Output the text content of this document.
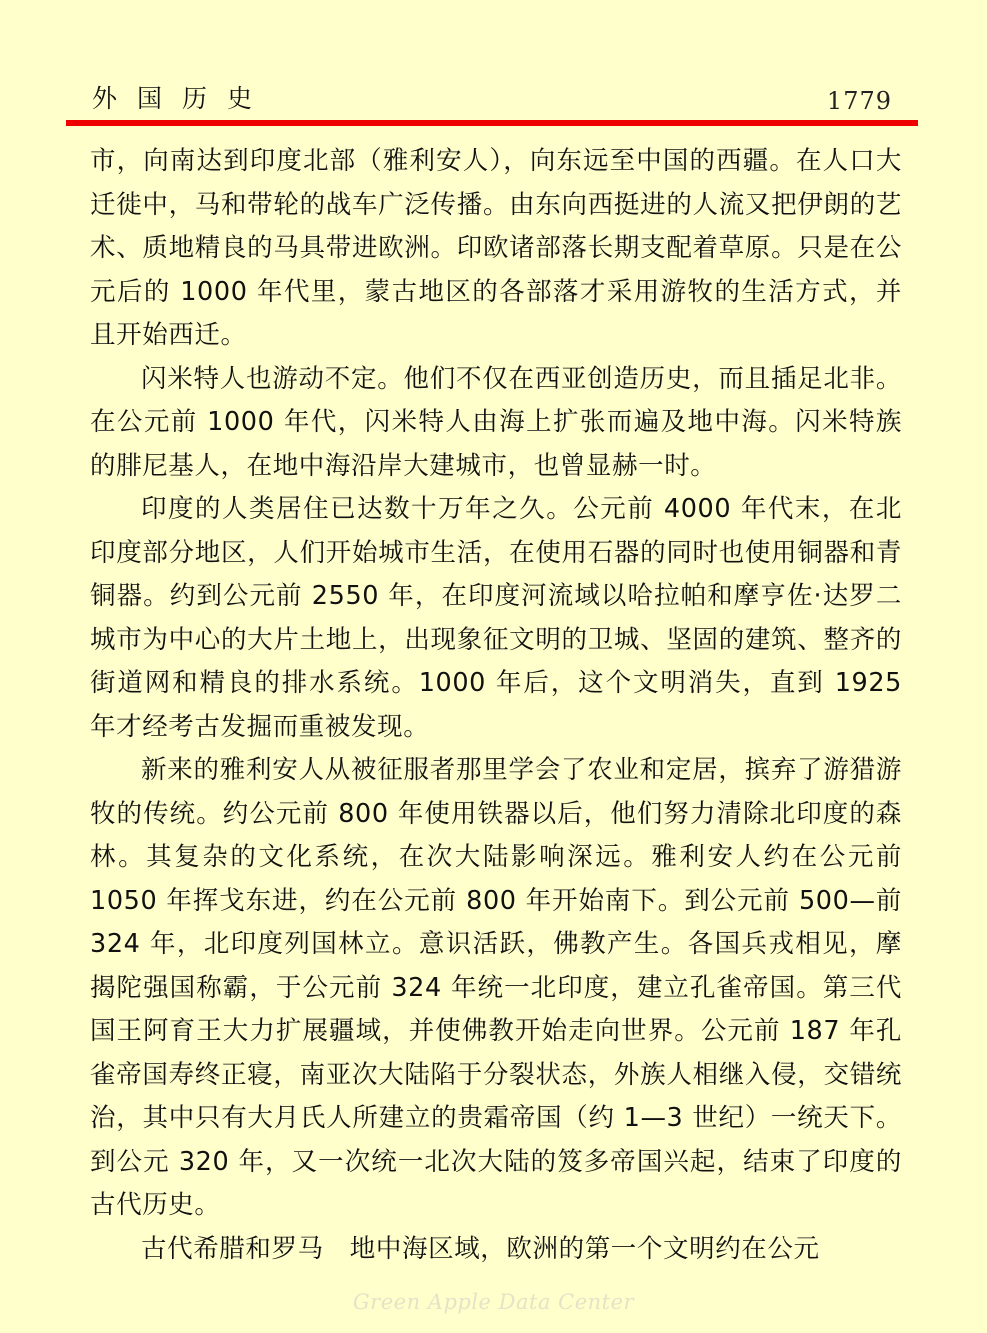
外国历史	1779

市，向南达到印度北部（雅利安人），向东远至中国的西疆。在人口大迁徙中，马和带轮的战车广泛传播。由东向西挺进的人流又把伊朗的艺术、质地精良的马具带进欧洲。印欧诸部落长期支配着草原。只是在公元后的 1000 年代里，蒙古地区的各部落才采用游牧的生活方式，并且开始西迁。

闪米特人也游动不定。他们不仅在西亚创造历史，而且插足北非。在公元前 1000 年代，闪米特人由海上扩张而遍及地中海。闪米特族的腓尼基人，在地中海沿岸大建城市，也曾显赫一时。

印度的人类居住已达数十万年之久。公元前 4000 年代末，在北印度部分地区，人们开始城市生活，在使用石器的同时也使用铜器和青铜器。约到公元前 2550 年，在印度河流域以哈拉帕和摩亨佐·达罗二城市为中心的大片土地上，出现象征文明的卫城、坚固的建筑、整齐的街道网和精良的排水系统。1000 年后，这个文明消失，直到 1925 年才经考古发掘而重被发现。

新来的雅利安人从被征服者那里学会了农业和定居，摈弃了游猎游牧的传统。约公元前 800 年使用铁器以后，他们努力清除北印度的森林。其复杂的文化系统，在次大陆影响深远。雅利安人约在公元前 1050 年挥戈东进，约在公元前 800 年开始南下。到公元前 500—前 324 年，北印度列国林立。意识活跃，佛教产生。各国兵戎相见，摩揭陀强国称霸，于公元前 324 年统一北印度，建立孔雀帝国。第三代国王阿育王大力扩展疆域，并使佛教开始走向世界。公元前 187 年孔雀帝国寿终正寝，南亚次大陆陷于分裂状态，外族人相继入侵，交错统治，其中只有大月氏人所建立的贵霜帝国（约 1—3 世纪）一统天下。到公元 320 年，又一次统一北次大陆的笈多帝国兴起，结束了印度的古代历史。

古代希腊和罗马　地中海区域，欧洲的第一个文明约在公元

Green Apple Data Center
